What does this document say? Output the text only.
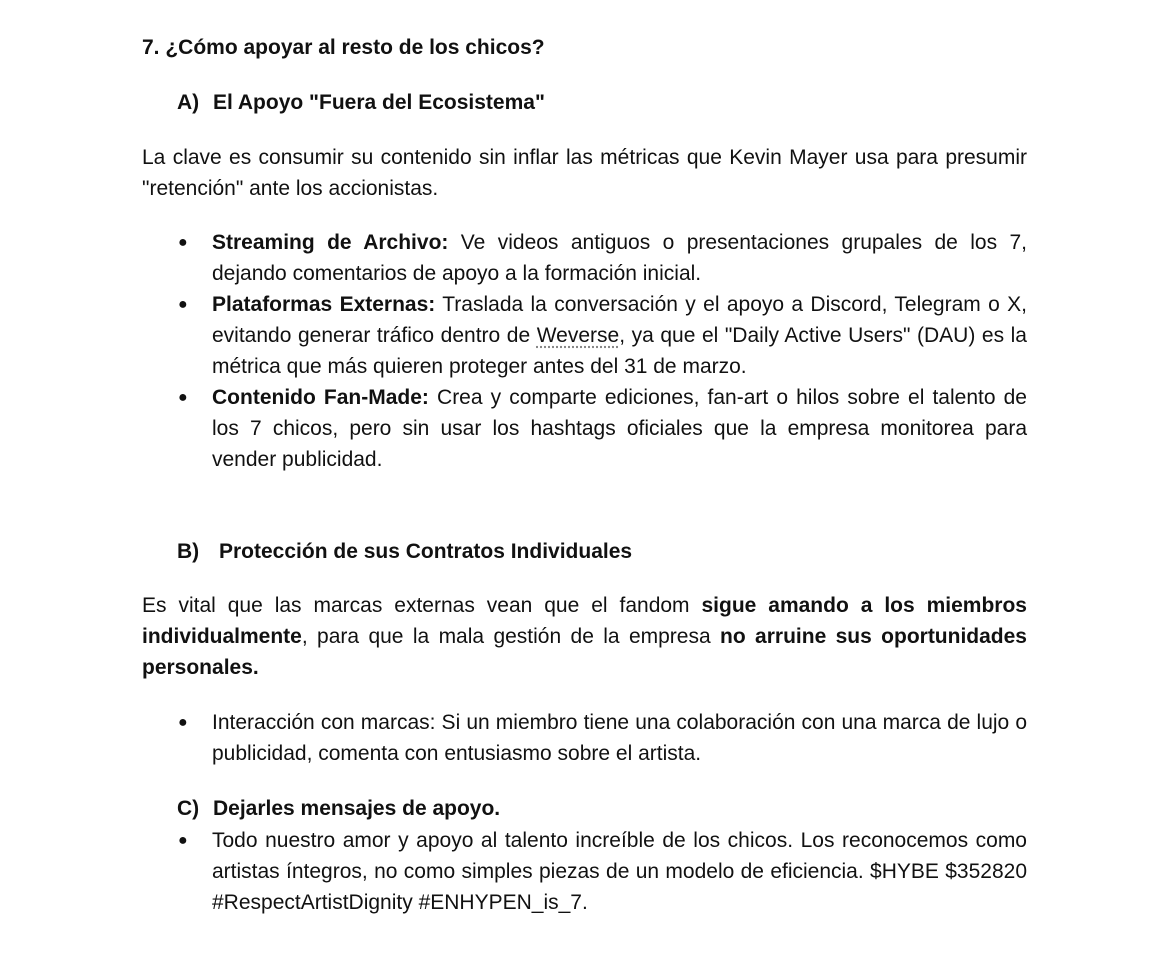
7. ¿Cómo apoyar al resto de los chicos?
A) El Apoyo "Fuera del Ecosistema"
La clave es consumir su contenido sin inflar las métricas que Kevin Mayer usa para presumir "retención" ante los accionistas.
● Streaming de Archivo: Ve videos antiguos o presentaciones grupales de los 7, dejando comentarios de apoyo a la formación inicial.
● Plataformas Externas: Traslada la conversación y el apoyo a Discord, Telegram o X, evitando generar tráfico dentro de Weverse, ya que el "Daily Active Users" (DAU) es la métrica que más quieren proteger antes del 31 de marzo.
● Contenido Fan-Made: Crea y comparte ediciones, fan-art o hilos sobre el talento de los 7 chicos, pero sin usar los hashtags oficiales que la empresa monitorea para vender publicidad.
B) Protección de sus Contratos Individuales
Es vital que las marcas externas vean que el fandom sigue amando a los miembros individualmente, para que la mala gestión de la empresa no arruine sus oportunidades personales.
● Interacción con marcas: Si un miembro tiene una colaboración con una marca de lujo o publicidad, comenta con entusiasmo sobre el artista.
C) Dejarles mensajes de apoyo.
● Todo nuestro amor y apoyo al talento increíble de los chicos. Los reconocemos como artistas íntegros, no como simples piezas de un modelo de eficiencia. $HYBE $352820 #RespectArtistDignity #ENHYPEN_is_7.
